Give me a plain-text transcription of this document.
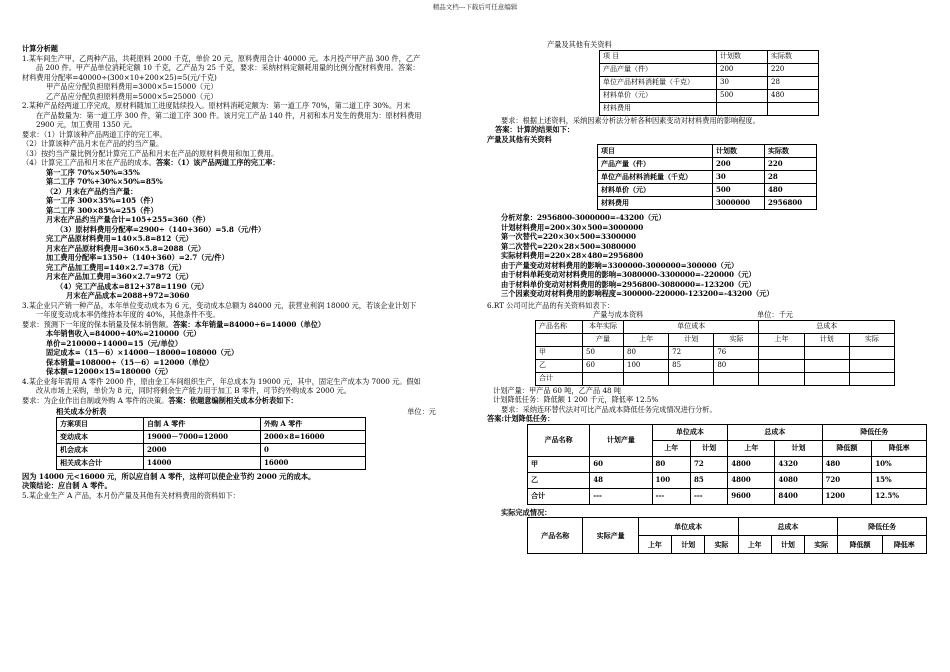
精品文档---下载后可任意编辑
计算分析题
1.某车间生产甲、乙两种产品，共耗原料 2000 千克，单价 20 元，原料费用合计 40000 元。本月投产甲产品 300 件，乙产
品 200 件。甲产品单位消耗定额 10 千克，乙产品为 25 千克，要求：采纳材料定额耗用量的比例分配材料费用。答案：
材料费用分配率=40000÷(300×10+200×25)=5(元/千克)
甲产品应分配负担原料费用=3000×5=15000（元）
乙产品应分配负担原料费用=5000×5=25000（元）
2.某种产品经两道工序完成，原材料随加工进度陆续投入。原材料消耗定额为：第一道工序 70%，第二道工序 30%。月末
在产品数量为：第一道工序 300 件，第二道工序 300 件。该月完工产品 140 件，月初和本月发生的费用为：原材料费用
2900 元，加工费用 1350 元。
要求：（1）计算该种产品两道工序的完工率。
（2）计算该种产品月末在产品的约当产量。
（3）按约当产量比例分配计算完工产品和月末在产品的原材料费用和加工费用。
（4）计算完工产品和月末在产品的成本。答案：（1）该产品两道工序的完工率：
第一工序 70%×50%=35%
第二工序 70%+30%×50%=85%
（2）月末在产品约当产量：
第一工序 300×35%=105（件）
第二工序 300×85%=255（件）
月末在产品约当产量合计=105+255=360（件）
（3）原材料费用分配率=2900÷（140+360）=5.8（元/件）
完工产品原材料费用=140×5.8=812（元）
月末在产品原材料费用=360×5.8=2088（元）
加工费用分配率=1350÷（140+360）=2.7（元/件）
完工产品加工费用=140×2.7=378（元）
月末在产品加工费用=360×2.7=972（元）
（4）完工产品成本=812+378=1190（元）
月末在产品成本=2088+972=3060
3.某企业只产销一种产品，本年单位变动成本为 6 元，变动成本总额为 84000 元，获营业利润 18000 元，若该企业计划下
一年度变动成本率仍维持本年度的 40%，其他条件不变。
要求：预测下一年度的保本销量及保本销售额。答案：本年销量=84000÷6=14000（单位）
本年销售收入=84000÷40%=210000（元）
单价=210000÷14000=15（元/单位）
固定成本=（15－6）×14000－18000=108000（元）
保本销量=108000÷（15－6）=12000（单位）
保本额=12000×15=180000（元）
4.某企业每年需用 A 零件 2000 件，原由金工车间组织生产，年总成本为 19000 元，其中，固定生产成本为 7000 元。假如
改从市场上采购，单价为 8 元，同时将剩余生产能力用于加工 B 零件，可节约外购成本 2000 元。
要求：为企业作出自制或外购 A 零件的决策。答案：依题意编制相关成本分析表如下：
相关成本分析表	单位：元
方案项目	自制 A 零件	外购 A 零件
变动成本	19000－7000=12000	2000×8=16000
机会成本	2000	0
相关成本合计	14000	16000
因为 14000 元<16000 元，所以应自制 A 零件，这样可以使企业节约 2000 元的成本。
决策结论：应自制 A 零件。
5.某企业生产 A 产品，本月份产量及其他有关材料费用的资料如下：
产量及其他有关资料
项 目	计划数	实际数
产品产量（件）	200	220
单位产品材料消耗量（千克）	30	28
材料单价（元）	500	480
材料费用		
要求：根据上述资料，采纳因素分析法分析各种因素变动对材料费用的影响程度。
答案：计算的结果如下：
产量及其他有关资料
项目	计划数	实际数
产品产量（件）	200	220
单位产品材料消耗量（千克）	30	28
材料单价（元）	500	480
材料费用	3000000	2956800
分析对象：2956800-3000000=-43200（元）
计划材料费用=200×30×500=3000000
第一次替代=220×30×500=3300000
第二次替代=220×28×500=3080000
实际材料费用=220×28×480=2956800
由于产量变动对材料费用的影响=3300000-3000000=300000（元）
由于材料单耗变动对材料费用的影响=3080000-3300000=-220000（元）
由于材料单价变动对材料费用的影响=2956800-3080000=-123200（元）
三个因素变动对材料费用的影响程度=300000-220000-123200=-43200（元）
6.RT 公司可比产品的有关资料如表下：
产量与成本资料	单位：千元
产品名称	本年实际	单位成本			总成本		
	产量	上年	计划	实际	上年	计划	实际
甲	50	80	72	76			
乙	60	100	85	80			
合计							
计划产量：甲产品 60 吨，乙产品 48 吨
计划降低任务：降低额 1 200 千元，降低率 12.5%
要求：采纳连环替代法对可比产品成本降低任务完成情况进行分析。
答案:计划降低任务：
产品名称	计划产量	单位成本		总成本		降低任务	
		上年	计划	上年	计划	降低额	降低率
甲	60	80	72	4800	4320	480	10%
乙	48	100	85	4800	4080	720	15%
合计	---	---	---	9600	8400	1200	12.5%
实际完成情况：
产品名称	实际产量	单位成本			总成本			降低任务	
		上年	计划	实际	上年	计划	实际	降低额	降低率
